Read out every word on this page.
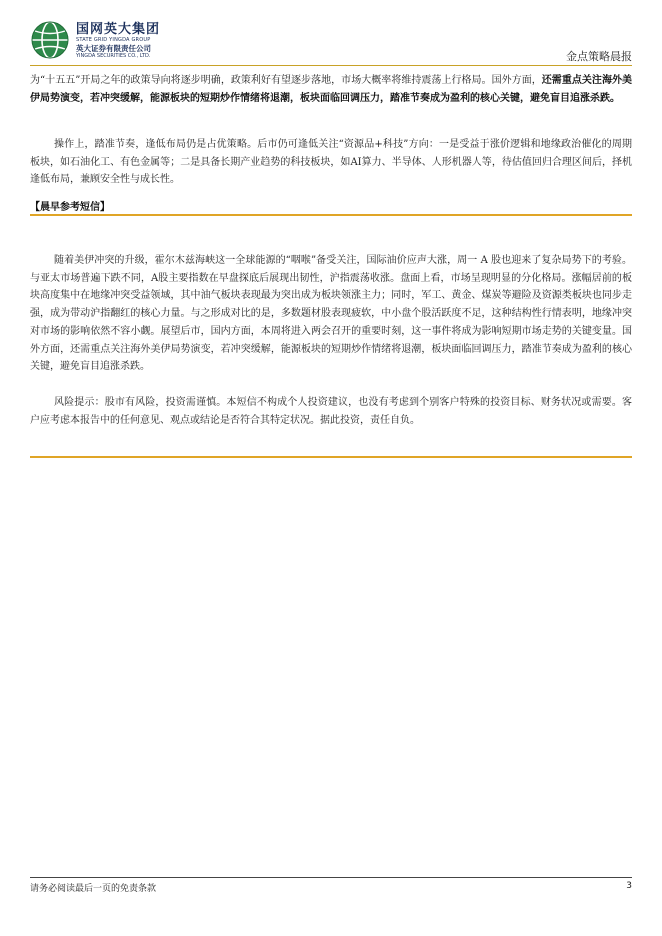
国网英大集团
STATE GRID YINGDA GROUP
英大证券有限责任公司
YINGDA SECURITIES CO., LTD.	金点策略晨报

为“十五五”开局之年的政策导向将逐步明确，政策利好有望逐步落地，市场大概率将维持震荡上行格局。国外方面，还需重点关注海外美伊局势演变，若冲突缓解，能源板块的短期炒作情绪将退潮，板块面临回调压力，踏准节奏成为盈利的核心关键，避免盲目追涨杀跌。

操作上，踏准节奏，逢低布局仍是占优策略。后市仍可逢低关注“资源品+科技”方向：一是受益于涨价逻辑和地缘政治催化的周期板块，如石油化工、有色金属等；二是具备长期产业趋势的科技板块，如AI算力、半导体、人形机器人等，待估值回归合理区间后，择机逢低布局，兼顾安全性与成长性。

【晨早参考短信】

随着美伊冲突的升级，霍尔木兹海峡这一全球能源的“咽喉”备受关注，国际油价应声大涨，周一 A 股也迎来了复杂局势下的考验。与亚太市场普遍下跌不同，A股主要指数在早盘探底后展现出韧性，沪指震荡收涨。盘面上看，市场呈现明显的分化格局。涨幅居前的板块高度集中在地缘冲突受益领域，其中油气板块表现最为突出成为板块领涨主力；同时，军工、黄金、煤炭等避险及资源类板块也同步走强，成为带动沪指翻红的核心力量。与之形成对比的是，多数题材股表现疲软，中小盘个股活跃度不足，这种结构性行情表明，地缘冲突对市场的影响依然不容小觑。展望后市，国内方面，本周将进入两会召开的重要时刻，这一事件将成为影响短期市场走势的关键变量。国外方面，还需重点关注海外美伊局势演变，若冲突缓解，能源板块的短期炒作情绪将退潮，板块面临回调压力，踏准节奏成为盈利的核心关键，避免盲目追涨杀跌。

风险提示：股市有风险，投资需谨慎。本短信不构成个人投资建议，也没有考虑到个别客户特殊的投资目标、财务状况或需要。客户应考虑本报告中的任何意见、观点或结论是否符合其特定状况。据此投资，责任自负。

请务必阅读最后一页的免责条款	3
